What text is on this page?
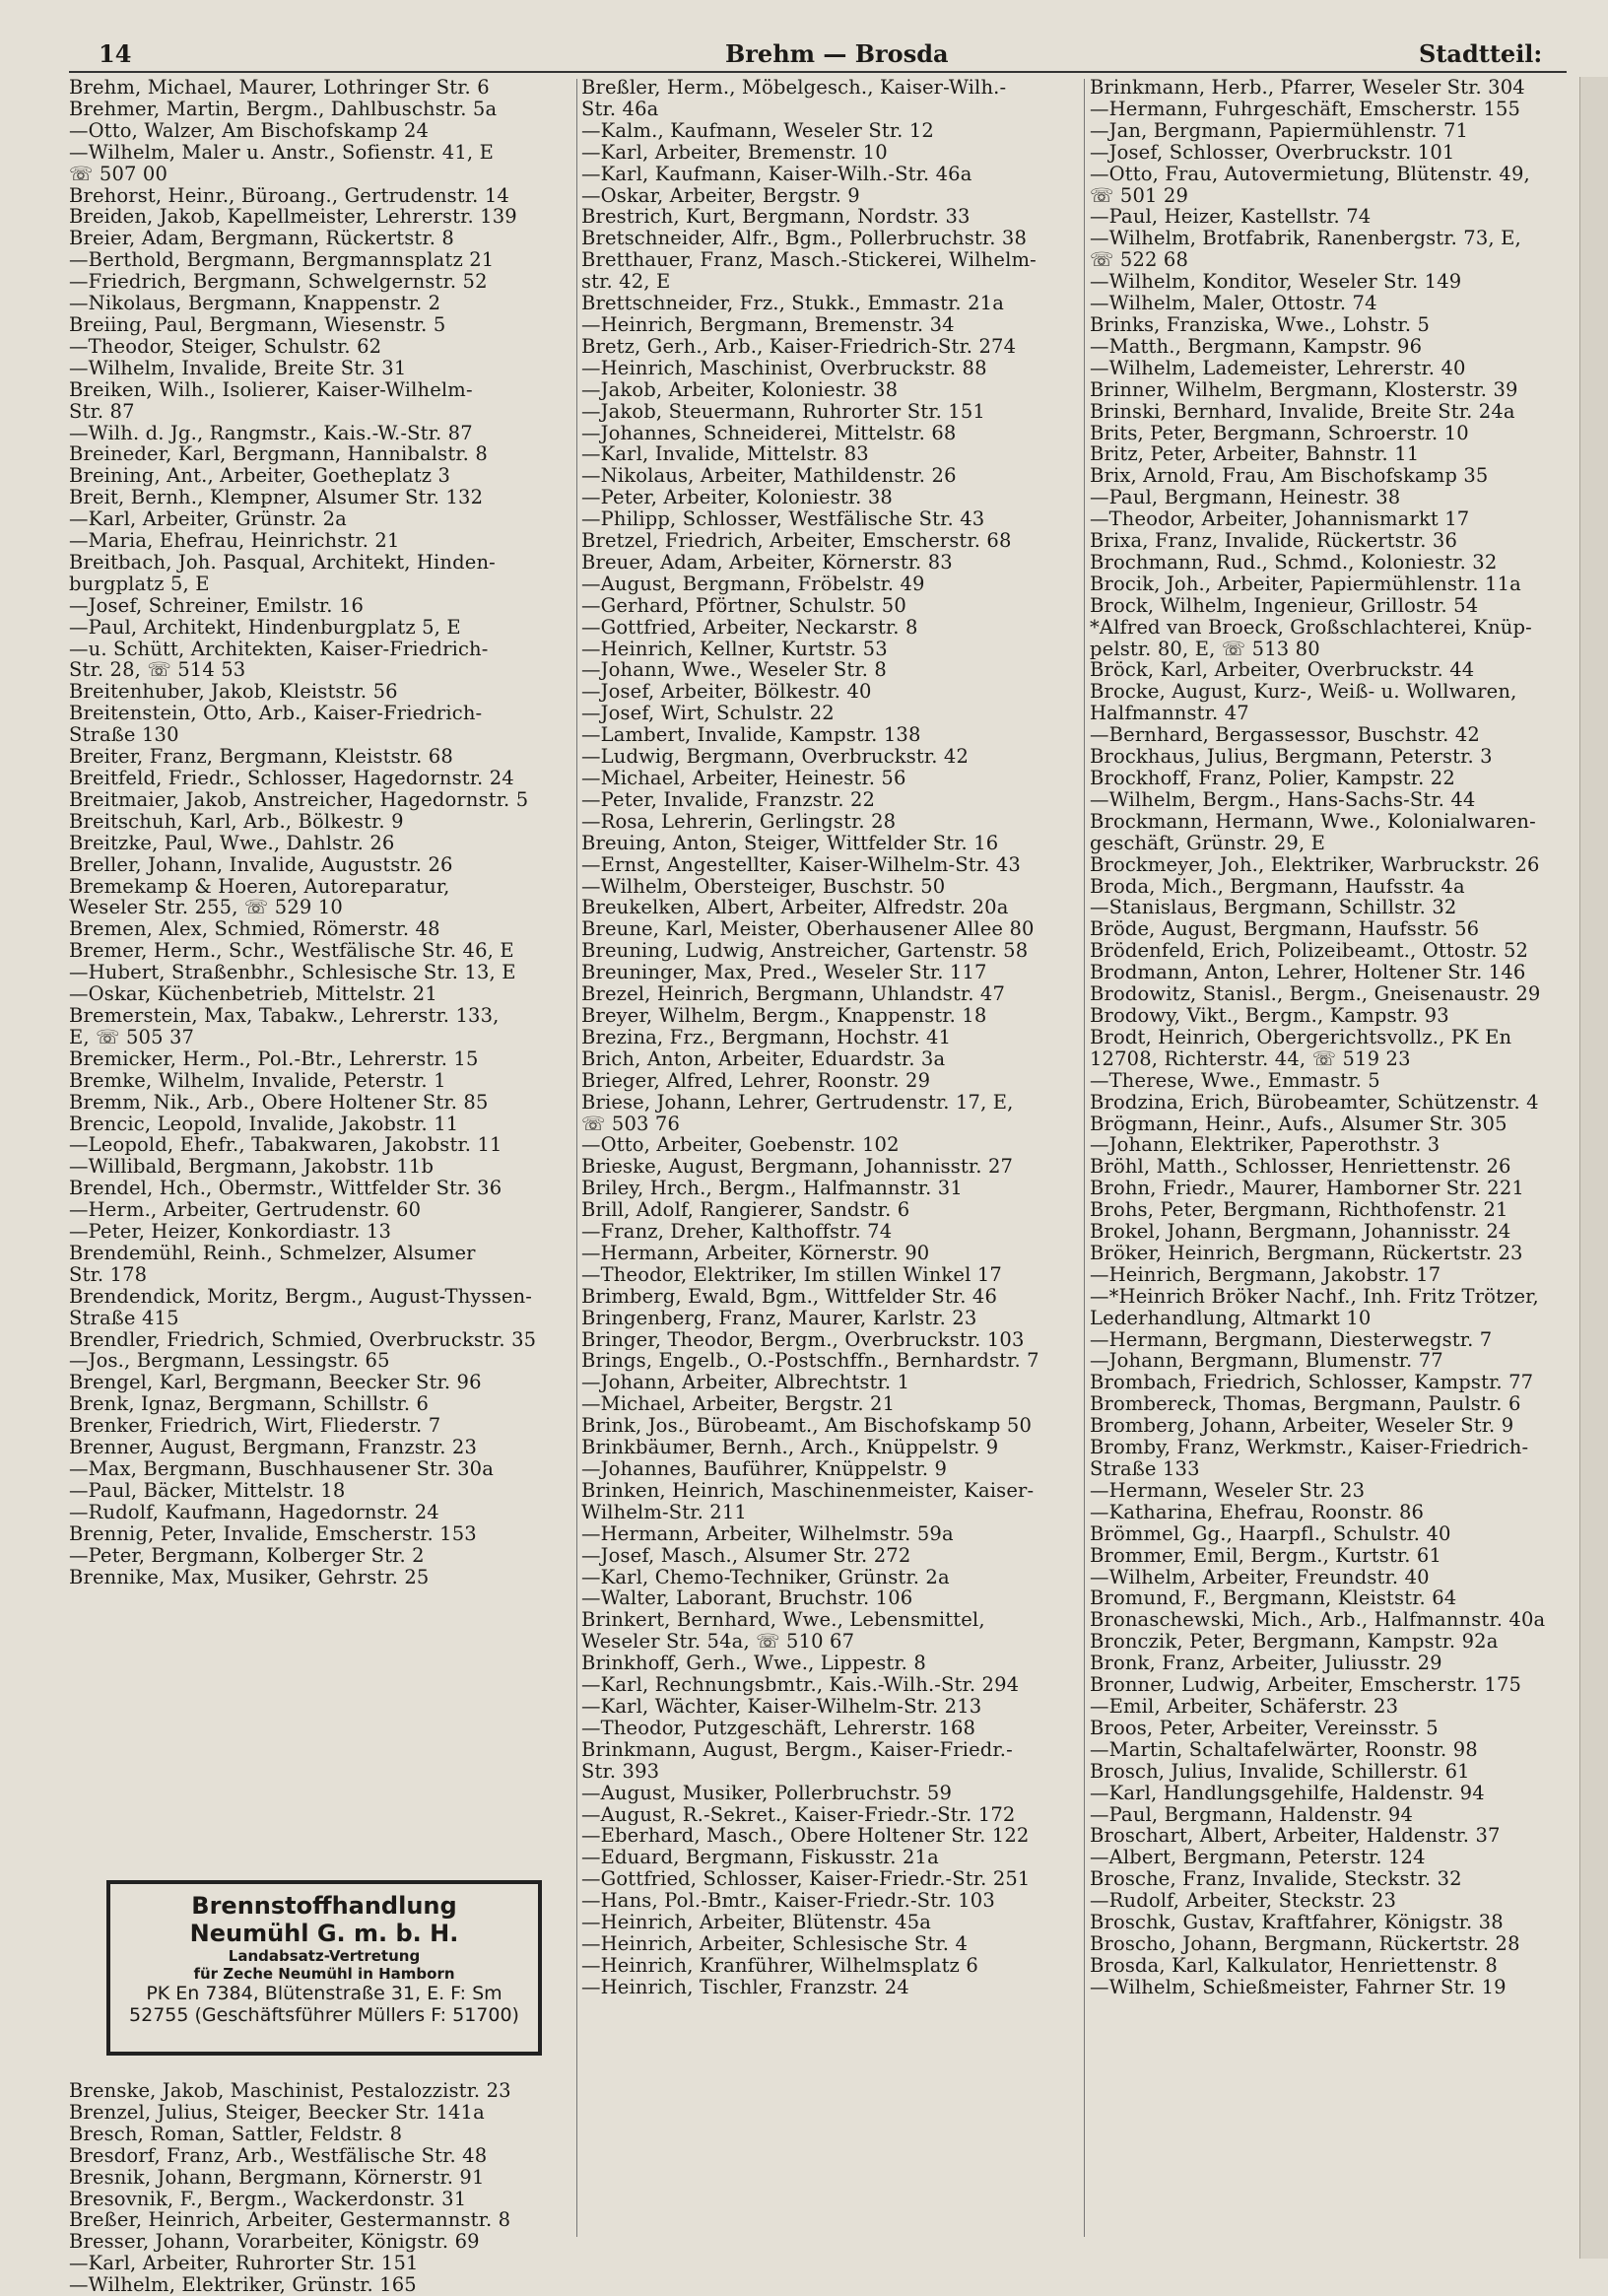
14	Brehm — Brosda	Stadtteil:
Brehm, Michael, Maurer, Lothringer Str. 6
Brehmer, Martin, Bergm., Dahlbuschstr. 5a
—Otto, Walzer, Am Bischofskamp 24
—Wilhelm, Maler u. Anstr., Sofienstr. 41, E
☏ 507 00
Brehorst, Heinr., Büroang., Gertrudenstr. 14
Breiden, Jakob, Kapellmeister, Lehrerstr. 139
Breier, Adam, Bergmann, Rückertstr. 8
—Berthold, Bergmann, Bergmannsplatz 21
—Friedrich, Bergmann, Schwelgernstr. 52
—Nikolaus, Bergmann, Knappenstr. 2
Breiing, Paul, Bergmann, Wiesenstr. 5
—Theodor, Steiger, Schulstr. 62
—Wilhelm, Invalide, Breite Str. 31
Breiken, Wilh., Isolierer, Kaiser-Wilhelm-
Str. 87
—Wilh. d. Jg., Rangmstr., Kais.-W.-Str. 87
Breineder, Karl, Bergmann, Hannibalstr. 8
Breining, Ant., Arbeiter, Goetheplatz 3
Breit, Bernh., Klempner, Alsumer Str. 132
—Karl, Arbeiter, Grünstr. 2a
—Maria, Ehefrau, Heinrichstr. 21
Breitbach, Joh. Pasqual, Architekt, Hinden-
burgplatz 5, E
—Josef, Schreiner, Emilstr. 16
—Paul, Architekt, Hindenburgplatz 5, E
—u. Schütt, Architekten, Kaiser-Friedrich-
Str. 28, ☏ 514 53
Breitenhuber, Jakob, Kleiststr. 56
Breitenstein, Otto, Arb., Kaiser-Friedrich-
Straße 130
Breiter, Franz, Bergmann, Kleiststr. 68
Breitfeld, Friedr., Schlosser, Hagedornstr. 24
Breitmaier, Jakob, Anstreicher, Hagedornstr. 5
Breitschuh, Karl, Arb., Bölkestr. 9
Breitzke, Paul, Wwe., Dahlstr. 26
Breller, Johann, Invalide, Auguststr. 26
Bremekamp & Hoeren, Autoreparatur,
Weseler Str. 255, ☏ 529 10
Bremen, Alex, Schmied, Römerstr. 48
Bremer, Herm., Schr., Westfälische Str. 46, E
—Hubert, Straßenbhr., Schlesische Str. 13, E
—Oskar, Küchenbetrieb, Mittelstr. 21
Bremerstein, Max, Tabakw., Lehrerstr. 133,
E, ☏ 505 37
Bremicker, Herm., Pol.-Btr., Lehrerstr. 15
Bremke, Wilhelm, Invalide, Peterstr. 1
Bremm, Nik., Arb., Obere Holtener Str. 85
Brencic, Leopold, Invalide, Jakobstr. 11
—Leopold, Ehefr., Tabakwaren, Jakobstr. 11
—Willibald, Bergmann, Jakobstr. 11b
Brendel, Hch., Obermstr., Wittfelder Str. 36
—Herm., Arbeiter, Gertrudenstr. 60
—Peter, Heizer, Konkordiastr. 13
Brendemühl, Reinh., Schmelzer, Alsumer
Str. 178
Brendendick, Moritz, Bergm., August-Thyssen-
Straße 415
Brendler, Friedrich, Schmied, Overbruckstr. 35
—Jos., Bergmann, Lessingstr. 65
Brengel, Karl, Bergmann, Beecker Str. 96
Brenk, Ignaz, Bergmann, Schillstr. 6
Brenker, Friedrich, Wirt, Fliederstr. 7
Brenner, August, Bergmann, Franzstr. 23
—Max, Bergmann, Buschhausener Str. 30a
—Paul, Bäcker, Mittelstr. 18
—Rudolf, Kaufmann, Hagedornstr. 24
Brennig, Peter, Invalide, Emscherstr. 153
—Peter, Bergmann, Kolberger Str. 2
Brennike, Max, Musiker, Gehrstr. 25
Brennstoffhandlung
Neumühl G. m. b. H.
Landabsatz-Vertretung
für Zeche Neumühl in Hamborn
PK En 7384, Blütenstraße 31, E. F: Sm
52755 (Geschäftsführer Müllers F: 51700)
Brenske, Jakob, Maschinist, Pestalozzistr. 23
Brenzel, Julius, Steiger, Beecker Str. 141a
Bresch, Roman, Sattler, Feldstr. 8
Bresdorf, Franz, Arb., Westfälische Str. 48
Bresnik, Johann, Bergmann, Körnerstr. 91
Bresovnik, F., Bergm., Wackerdonstr. 31
Breßer, Heinrich, Arbeiter, Gestermannstr. 8
Bresser, Johann, Vorarbeiter, Königstr. 69
—Karl, Arbeiter, Ruhrorter Str. 151
—Wilhelm, Elektriker, Grünstr. 165
Breßler, Herm., Möbelgesch., Kaiser-Wilh.-
Str. 46a
—Kalm., Kaufmann, Weseler Str. 12
—Karl, Arbeiter, Bremenstr. 10
—Karl, Kaufmann, Kaiser-Wilh.-Str. 46a
—Oskar, Arbeiter, Bergstr. 9
Brestrich, Kurt, Bergmann, Nordstr. 33
Bretschneider, Alfr., Bgm., Pollerbruchstr. 38
Bretthauer, Franz, Masch.-Stickerei, Wilhelm-
str. 42, E
Brettschneider, Frz., Stukk., Emmastr. 21a
—Heinrich, Bergmann, Bremenstr. 34
Bretz, Gerh., Arb., Kaiser-Friedrich-Str. 274
—Heinrich, Maschinist, Overbruckstr. 88
—Jakob, Arbeiter, Koloniestr. 38
—Jakob, Steuermann, Ruhrorter Str. 151
—Johannes, Schneiderei, Mittelstr. 68
—Karl, Invalide, Mittelstr. 83
—Nikolaus, Arbeiter, Mathildenstr. 26
—Peter, Arbeiter, Koloniestr. 38
—Philipp, Schlosser, Westfälische Str. 43
Bretzel, Friedrich, Arbeiter, Emscherstr. 68
Breuer, Adam, Arbeiter, Körnerstr. 83
—August, Bergmann, Fröbelstr. 49
—Gerhard, Pförtner, Schulstr. 50
—Gottfried, Arbeiter, Neckarstr. 8
—Heinrich, Kellner, Kurtstr. 53
—Johann, Wwe., Weseler Str. 8
—Josef, Arbeiter, Bölkestr. 40
—Josef, Wirt, Schulstr. 22
—Lambert, Invalide, Kampstr. 138
—Ludwig, Bergmann, Overbruckstr. 42
—Michael, Arbeiter, Heinestr. 56
—Peter, Invalide, Franzstr. 22
—Rosa, Lehrerin, Gerlingstr. 28
Breuing, Anton, Steiger, Wittfelder Str. 16
—Ernst, Angestellter, Kaiser-Wilhelm-Str. 43
—Wilhelm, Obersteiger, Buschstr. 50
Breukelken, Albert, Arbeiter, Alfredstr. 20a
Breune, Karl, Meister, Oberhausener Allee 80
Breuning, Ludwig, Anstreicher, Gartenstr. 58
Breuninger, Max, Pred., Weseler Str. 117
Brezel, Heinrich, Bergmann, Uhlandstr. 47
Breyer, Wilhelm, Bergm., Knappenstr. 18
Brezina, Frz., Bergmann, Hochstr. 41
Brich, Anton, Arbeiter, Eduardstr. 3a
Brieger, Alfred, Lehrer, Roonstr. 29
Briese, Johann, Lehrer, Gertrudenstr. 17, E,
☏ 503 76
—Otto, Arbeiter, Goebenstr. 102
Brieske, August, Bergmann, Johannisstr. 27
Briley, Hrch., Bergm., Halfmannstr. 31
Brill, Adolf, Rangierer, Sandstr. 6
—Franz, Dreher, Kalthoffstr. 74
—Hermann, Arbeiter, Körnerstr. 90
—Theodor, Elektriker, Im stillen Winkel 17
Brimberg, Ewald, Bgm., Wittfelder Str. 46
Bringenberg, Franz, Maurer, Karlstr. 23
Bringer, Theodor, Bergm., Overbruckstr. 103
Brings, Engelb., O.-Postschffn., Bernhardstr. 7
—Johann, Arbeiter, Albrechtstr. 1
—Michael, Arbeiter, Bergstr. 21
Brink, Jos., Bürobeamt., Am Bischofskamp 50
Brinkbäumer, Bernh., Arch., Knüppelstr. 9
—Johannes, Bauführer, Knüppelstr. 9
Brinken, Heinrich, Maschinenmeister, Kaiser-
Wilhelm-Str. 211
—Hermann, Arbeiter, Wilhelmstr. 59a
—Josef, Masch., Alsumer Str. 272
—Karl, Chemo-Techniker, Grünstr. 2a
—Walter, Laborant, Bruchstr. 106
Brinkert, Bernhard, Wwe., Lebensmittel,
Weseler Str. 54a, ☏ 510 67
Brinkhoff, Gerh., Wwe., Lippestr. 8
—Karl, Rechnungsbmtr., Kais.-Wilh.-Str. 294
—Karl, Wächter, Kaiser-Wilhelm-Str. 213
—Theodor, Putzgeschäft, Lehrerstr. 168
Brinkmann, August, Bergm., Kaiser-Friedr.-
Str. 393
—August, Musiker, Pollerbruchstr. 59
—August, R.-Sekret., Kaiser-Friedr.-Str. 172
—Eberhard, Masch., Obere Holtener Str. 122
—Eduard, Bergmann, Fiskusstr. 21a
—Gottfried, Schlosser, Kaiser-Friedr.-Str. 251
—Hans, Pol.-Bmtr., Kaiser-Friedr.-Str. 103
—Heinrich, Arbeiter, Blütenstr. 45a
—Heinrich, Arbeiter, Schlesische Str. 4
—Heinrich, Kranführer, Wilhelmsplatz 6
—Heinrich, Tischler, Franzstr. 24
Brinkmann, Herb., Pfarrer, Weseler Str. 304
—Hermann, Fuhrgeschäft, Emscherstr. 155
—Jan, Bergmann, Papiermühlenstr. 71
—Josef, Schlosser, Overbruckstr. 101
—Otto, Frau, Autovermietung, Blütenstr. 49,
☏ 501 29
—Paul, Heizer, Kastellstr. 74
—Wilhelm, Brotfabrik, Ranenbergstr. 73, E,
☏ 522 68
—Wilhelm, Konditor, Weseler Str. 149
—Wilhelm, Maler, Ottostr. 74
Brinks, Franziska, Wwe., Lohstr. 5
—Matth., Bergmann, Kampstr. 96
—Wilhelm, Lademeister, Lehrerstr. 40
Brinner, Wilhelm, Bergmann, Klosterstr. 39
Brinski, Bernhard, Invalide, Breite Str. 24a
Brits, Peter, Bergmann, Schroerstr. 10
Britz, Peter, Arbeiter, Bahnstr. 11
Brix, Arnold, Frau, Am Bischofskamp 35
—Paul, Bergmann, Heinestr. 38
—Theodor, Arbeiter, Johannismarkt 17
Brixa, Franz, Invalide, Rückertstr. 36
Brochmann, Rud., Schmd., Koloniestr. 32
Brocik, Joh., Arbeiter, Papiermühlenstr. 11a
Brock, Wilhelm, Ingenieur, Grillostr. 54
*Alfred van Broeck, Großschlachterei, Knüp-
pelstr. 80, E, ☏ 513 80
Bröck, Karl, Arbeiter, Overbruckstr. 44
Brocke, August, Kurz-, Weiß- u. Wollwaren,
Halfmannstr. 47
—Bernhard, Bergassessor, Buschstr. 42
Brockhaus, Julius, Bergmann, Peterstr. 3
Brockhoff, Franz, Polier, Kampstr. 22
—Wilhelm, Bergm., Hans-Sachs-Str. 44
Brockmann, Hermann, Wwe., Kolonialwaren-
geschäft, Grünstr. 29, E
Brockmeyer, Joh., Elektriker, Warbruckstr. 26
Broda, Mich., Bergmann, Haufsstr. 4a
—Stanislaus, Bergmann, Schillstr. 32
Bröde, August, Bergmann, Haufsstr. 56
Brödenfeld, Erich, Polizeibeamt., Ottostr. 52
Brodmann, Anton, Lehrer, Holtener Str. 146
Brodowitz, Stanisl., Bergm., Gneisenaustr. 29
Brodowy, Vikt., Bergm., Kampstr. 93
Brodt, Heinrich, Obergerichtsvollz., PK En
12708, Richterstr. 44, ☏ 519 23
—Therese, Wwe., Emmastr. 5
Brodzina, Erich, Bürobeamter, Schützenstr. 4
Brögmann, Heinr., Aufs., Alsumer Str. 305
—Johann, Elektriker, Paperothstr. 3
Bröhl, Matth., Schlosser, Henriettenstr. 26
Brohn, Friedr., Maurer, Hamborner Str. 221
Brohs, Peter, Bergmann, Richthofenstr. 21
Brokel, Johann, Bergmann, Johannisstr. 24
Bröker, Heinrich, Bergmann, Rückertstr. 23
—Heinrich, Bergmann, Jakobstr. 17
—*Heinrich Bröker Nachf., Inh. Fritz Trötzer,
Lederhandlung, Altmarkt 10
—Hermann, Bergmann, Diesterwegstr. 7
—Johann, Bergmann, Blumenstr. 77
Brombach, Friedrich, Schlosser, Kampstr. 77
Brombereck, Thomas, Bergmann, Paulstr. 6
Bromberg, Johann, Arbeiter, Weseler Str. 9
Bromby, Franz, Werkmstr., Kaiser-Friedrich-
Straße 133
—Hermann, Weseler Str. 23
—Katharina, Ehefrau, Roonstr. 86
Brömmel, Gg., Haarpfl., Schulstr. 40
Brommer, Emil, Bergm., Kurtstr. 61
—Wilhelm, Arbeiter, Freundstr. 40
Bromund, F., Bergmann, Kleiststr. 64
Bronaschewski, Mich., Arb., Halfmannstr. 40a
Bronczik, Peter, Bergmann, Kampstr. 92a
Bronk, Franz, Arbeiter, Juliusstr. 29
Bronner, Ludwig, Arbeiter, Emscherstr. 175
—Emil, Arbeiter, Schäferstr. 23
Broos, Peter, Arbeiter, Vereinsstr. 5
—Martin, Schaltafelwärter, Roonstr. 98
Brosch, Julius, Invalide, Schillerstr. 61
—Karl, Handlungsgehilfe, Haldenstr. 94
—Paul, Bergmann, Haldenstr. 94
Broschart, Albert, Arbeiter, Haldenstr. 37
—Albert, Bergmann, Peterstr. 124
Brosche, Franz, Invalide, Steckstr. 32
—Rudolf, Arbeiter, Steckstr. 23
Broschk, Gustav, Kraftfahrer, Königstr. 38
Broscho, Johann, Bergmann, Rückertstr. 28
Brosda, Karl, Kalkulator, Henriettenstr. 8
—Wilhelm, Schießmeister, Fahrner Str. 19
